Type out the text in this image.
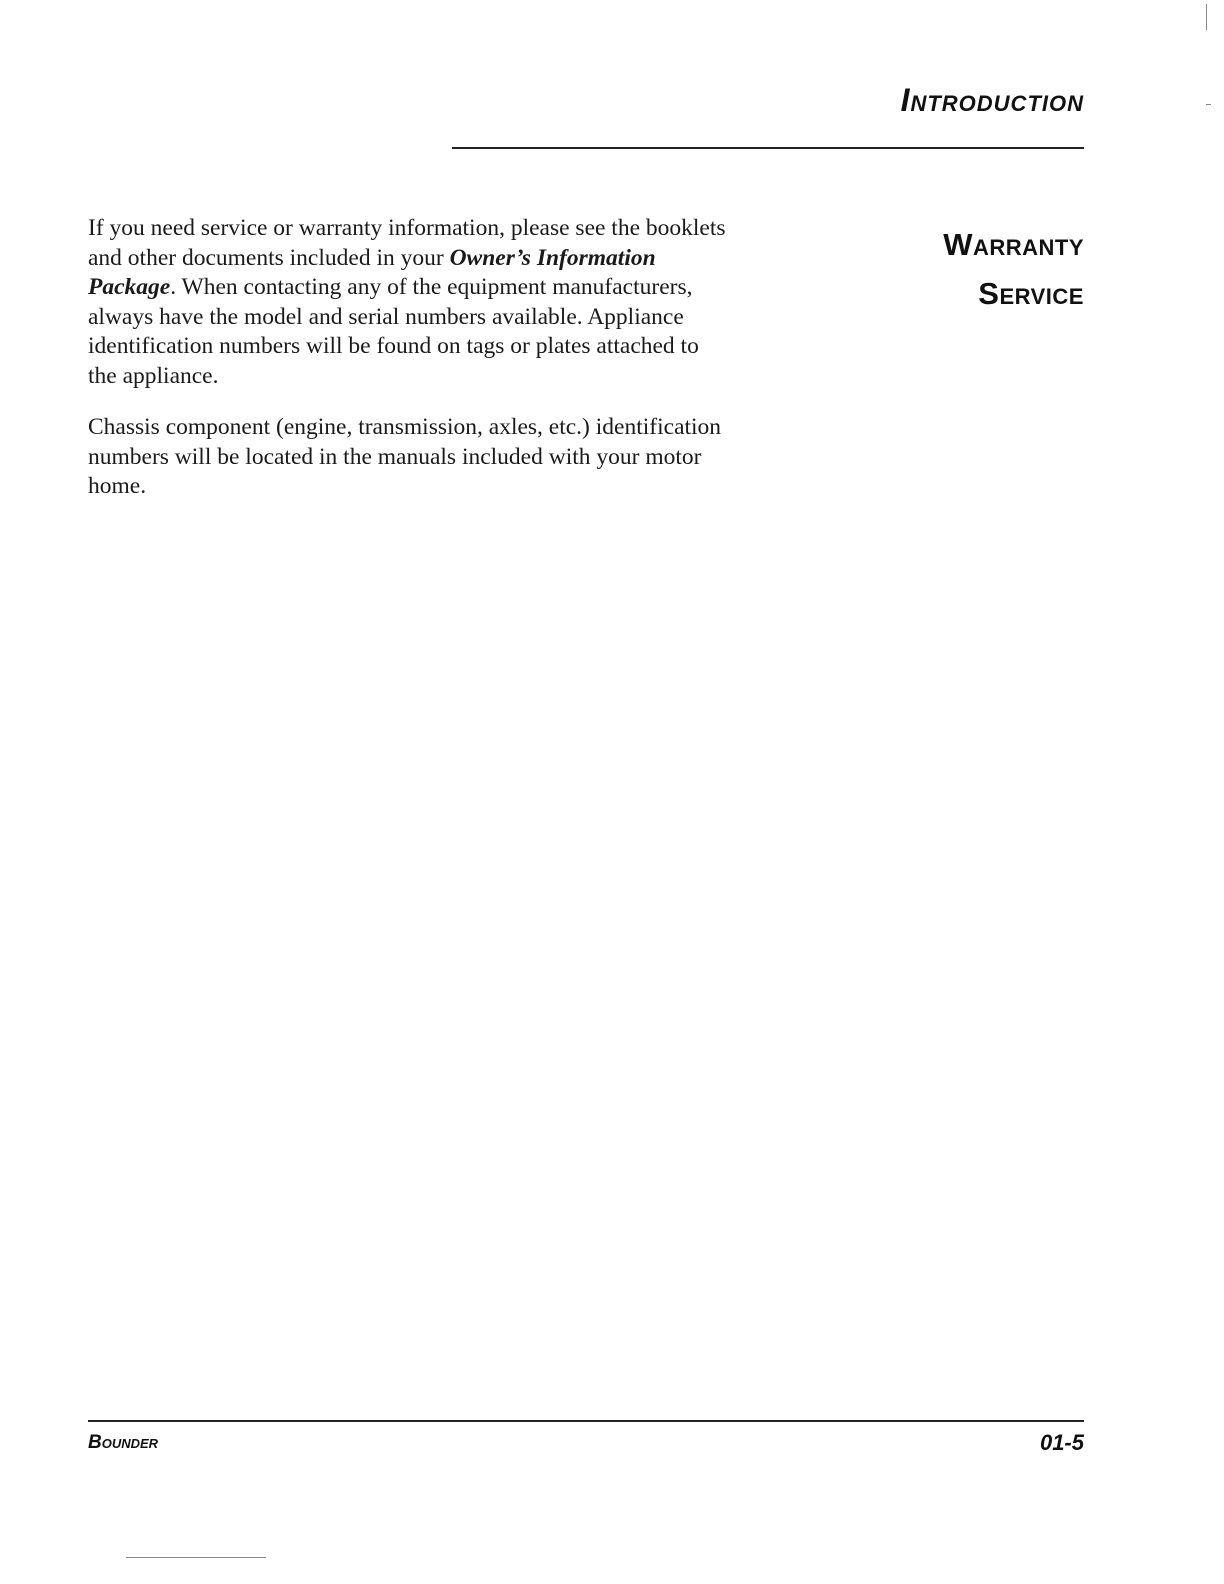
Introduction
Warranty
Service

If you need service or warranty information, please see the booklets and other documents included in your Owner’s Information Package. When contacting any of the equipment manufacturers, always have the model and serial numbers available. Appliance identification numbers will be found on tags or plates attached to the appliance.

Chassis component (engine, transmission, axles, etc.) identification numbers will be located in the manuals included with your motor home.

Bounder	01-5
